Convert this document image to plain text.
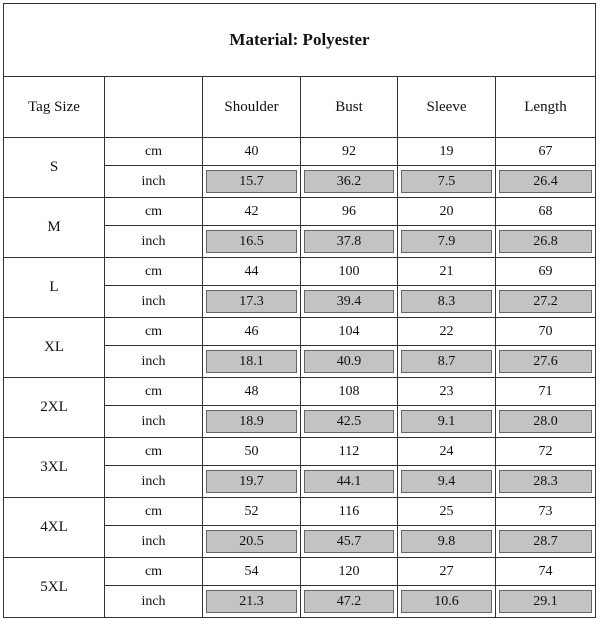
Material: Polyester					
Tag Size		Shoulder	Bust	Sleeve	Length
S	cm	40	92	19	67
	inch	15.7	36.2	7.5	26.4

M	cm	42	96	20	68
	inch	16.5	37.8	7.9	26.8

L	cm	44	100	21	69
	inch	17.3	39.4	8.3	27.2

XL	cm	46	104	22	70
	inch	18.1	40.9	8.7	27.6

2XL	cm	48	108	23	71
	inch	18.9	42.5	9.1	28.0

3XL	cm	50	112	24	72
	inch	19.7	44.1	9.4	28.3

4XL	cm	52	116	25	73
	inch	20.5	45.7	9.8	28.7

5XL	cm	54	120	27	74
	inch	21.3	47.2	10.6	29.1
